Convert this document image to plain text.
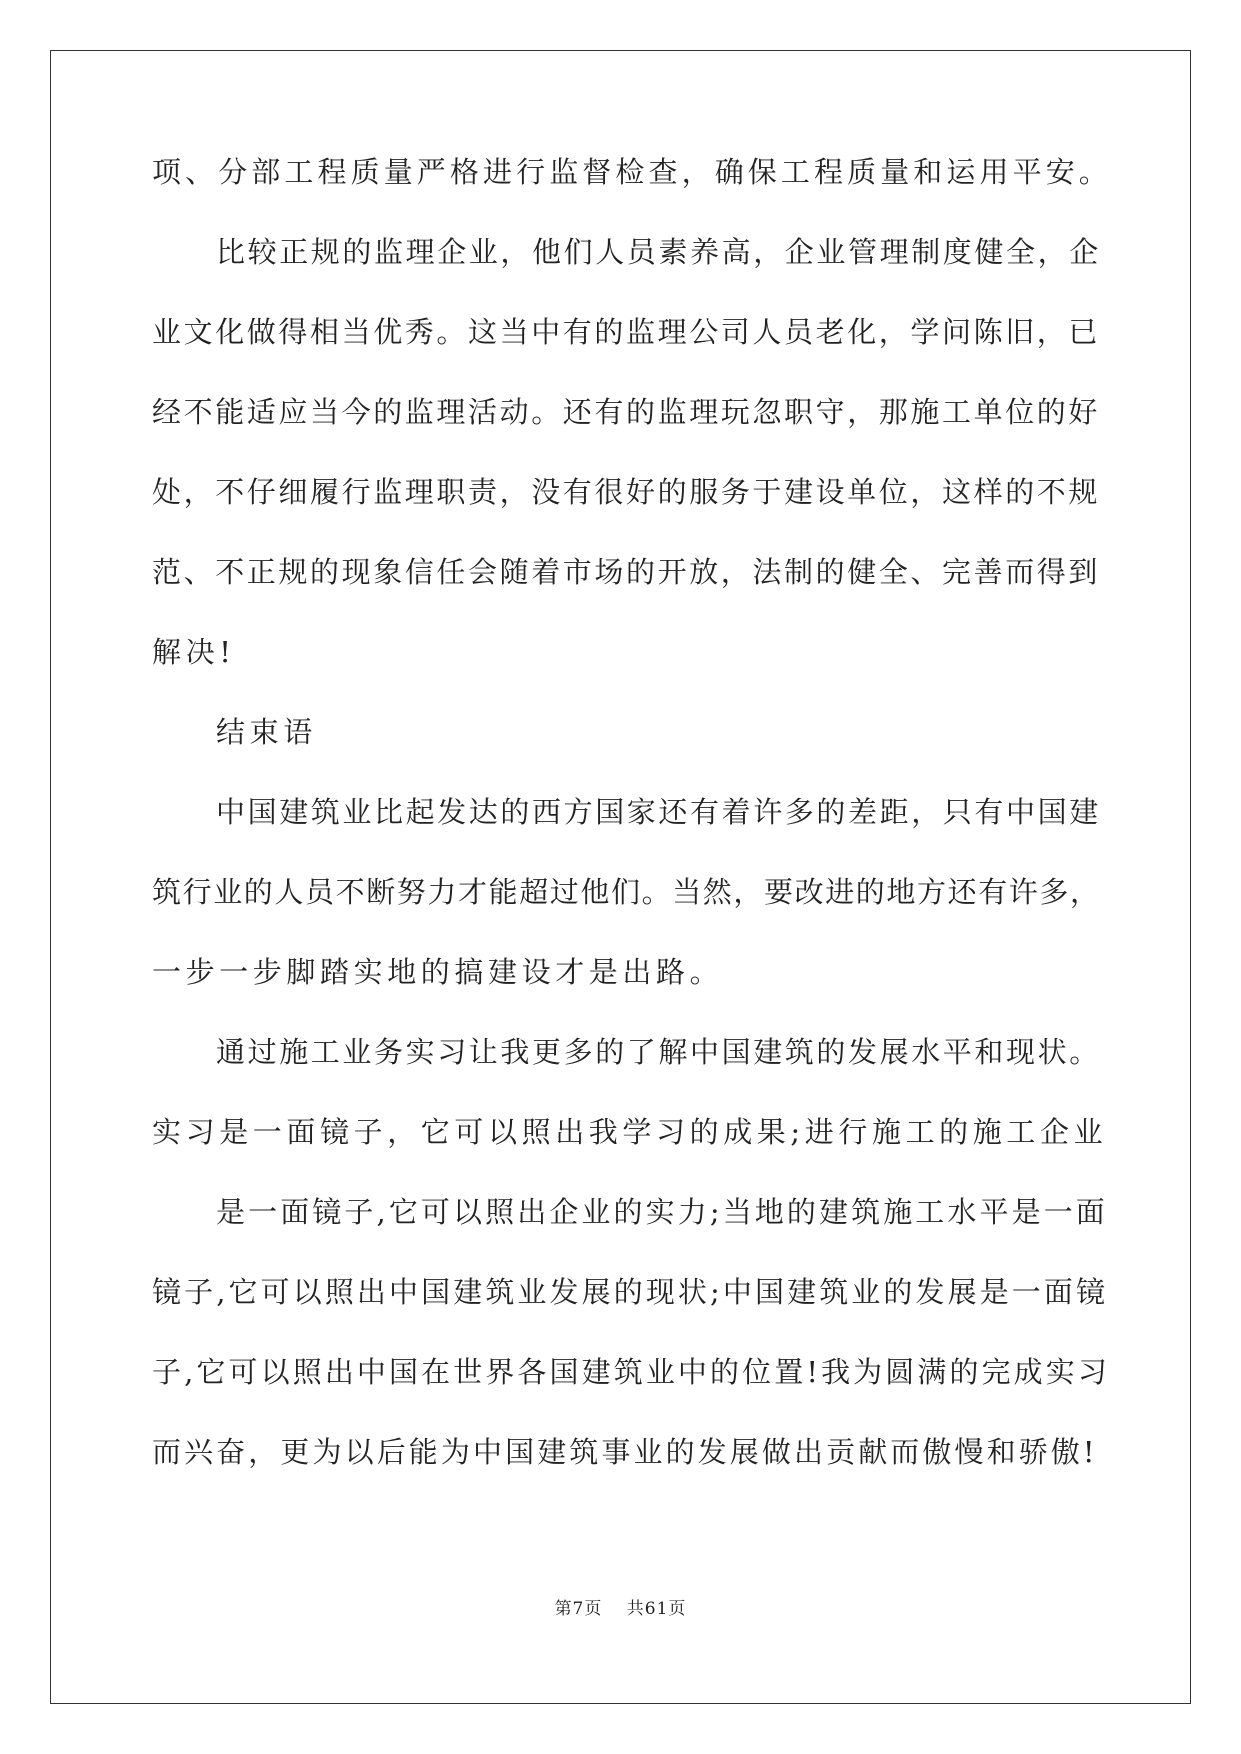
项、分部工程质量严格进行监督检查，确保工程质量和运用平安。
比较正规的监理企业，他们人员素养高，企业管理制度健全，企
业文化做得相当优秀。这当中有的监理公司人员老化，学问陈旧，已
经不能适应当今的监理活动。还有的监理玩忽职守，那施工单位的好
处，不仔细履行监理职责，没有很好的服务于建设单位，这样的不规
范、不正规的现象信任会随着市场的开放，法制的健全、完善而得到
解决!
结束语
中国建筑业比起发达的西方国家还有着许多的差距，只有中国建
筑行业的人员不断努力才能超过他们。当然，要改进的地方还有许多，
一步一步脚踏实地的搞建设才是出路。
通过施工业务实习让我更多的了解中国建筑的发展水平和现状。
实习是一面镜子，它可以照出我学习的成果;进行施工的施工企业
是一面镜子,它可以照出企业的实力;当地的建筑施工水平是一面
镜子,它可以照出中国建筑业发展的现状;中国建筑业的发展是一面镜
子,它可以照出中国在世界各国建筑业中的位置!我为圆满的完成实习
而兴奋，更为以后能为中国建筑事业的发展做出贡献而傲慢和骄傲!
第7页 共61页
